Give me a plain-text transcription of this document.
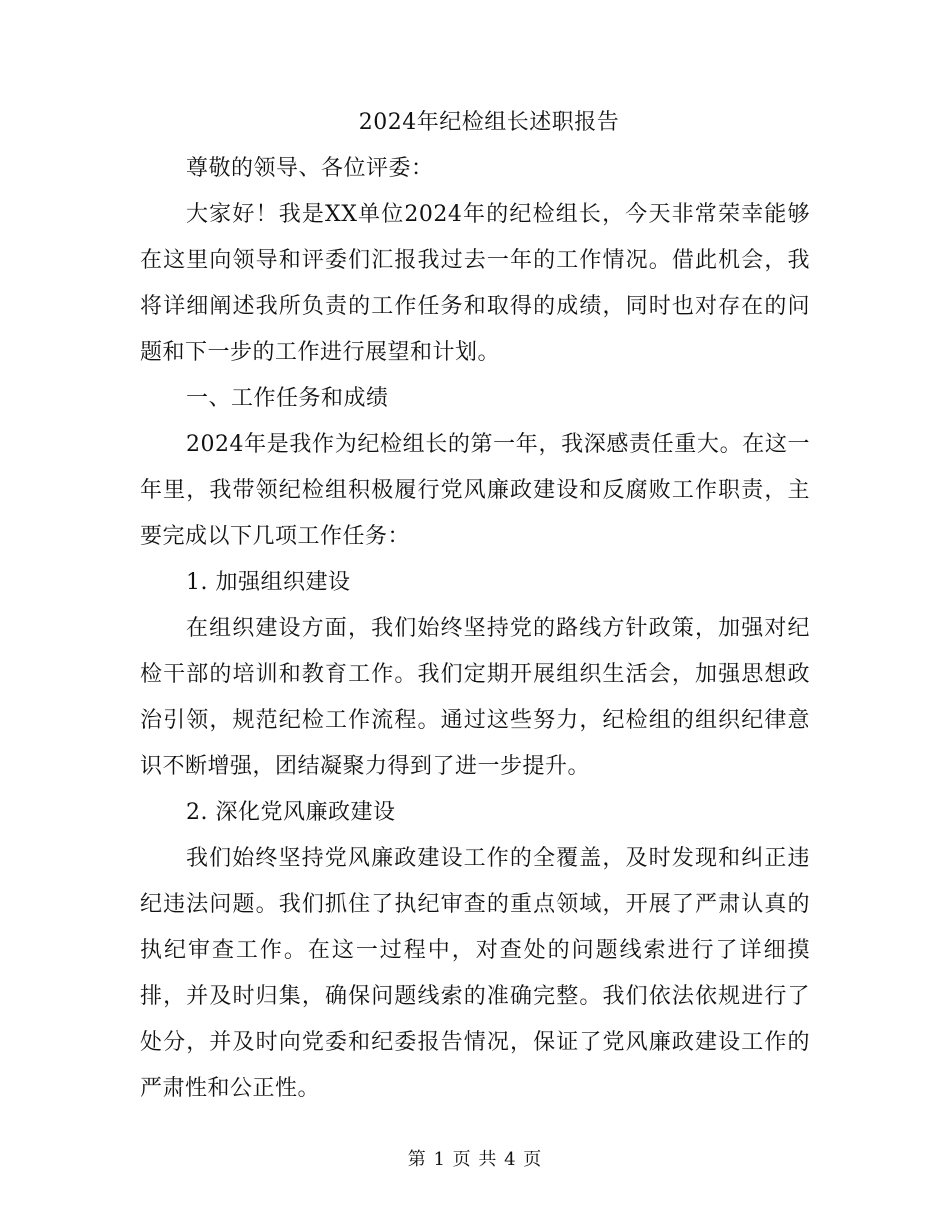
2024年纪检组长述职报告

尊敬的领导、各位评委：

大家好！我是XX单位2024年的纪检组长，今天非常荣幸能够在这里向领导和评委们汇报我过去一年的工作情况。借此机会，我将详细阐述我所负责的工作任务和取得的成绩，同时也对存在的问题和下一步的工作进行展望和计划。

一、工作任务和成绩

2024年是我作为纪检组长的第一年，我深感责任重大。在这一年里，我带领纪检组积极履行党风廉政建设和反腐败工作职责，主要完成以下几项工作任务：

1. 加强组织建设

在组织建设方面，我们始终坚持党的路线方针政策，加强对纪检干部的培训和教育工作。我们定期开展组织生活会，加强思想政治引领，规范纪检工作流程。通过这些努力，纪检组的组织纪律意识不断增强，团结凝聚力得到了进一步提升。

2. 深化党风廉政建设

我们始终坚持党风廉政建设工作的全覆盖，及时发现和纠正违纪违法问题。我们抓住了执纪审查的重点领域，开展了严肃认真的执纪审查工作。在这一过程中，对查处的问题线索进行了详细摸排，并及时归集，确保问题线索的准确完整。我们依法依规进行了处分，并及时向党委和纪委报告情况，保证了党风廉政建设工作的严肃性和公正性。

第 1 页 共 4 页
